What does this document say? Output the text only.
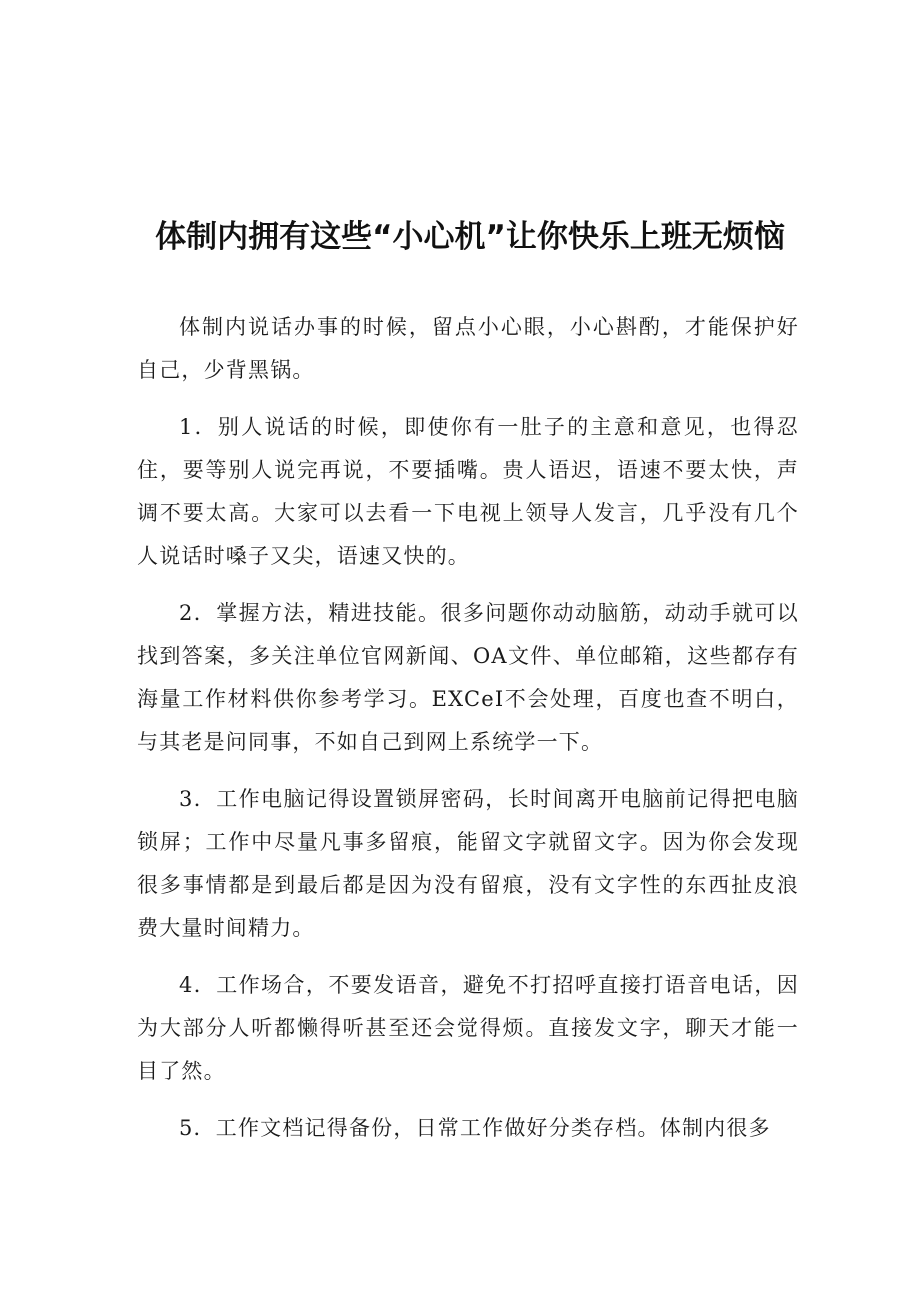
体制内拥有这些“小心机”让你快乐上班无烦恼

体制内说话办事的时候，留点小心眼，小心斟酌，才能保护好自己，少背黑锅。

1．别人说话的时候，即使你有一肚子的主意和意见，也得忍住，要等别人说完再说，不要插嘴。贵人语迟，语速不要太快，声调不要太高。大家可以去看一下电视上领导人发言，几乎没有几个人说话时嗓子又尖，语速又快的。

2．掌握方法，精进技能。很多问题你动动脑筋，动动手就可以找到答案，多关注单位官网新闻、OA文件、单位邮箱，这些都存有海量工作材料供你参考学习。EXCeI不会处理，百度也查不明白，与其老是问同事，不如自己到网上系统学一下。

3．工作电脑记得设置锁屏密码，长时间离开电脑前记得把电脑锁屏；工作中尽量凡事多留痕，能留文字就留文字。因为你会发现很多事情都是到最后都是因为没有留痕，没有文字性的东西扯皮浪费大量时间精力。

4．工作场合，不要发语音，避免不打招呼直接打语音电话，因为大部分人听都懒得听甚至还会觉得烦。直接发文字，聊天才能一目了然。

5．工作文档记得备份，日常工作做好分类存档。体制内很多
